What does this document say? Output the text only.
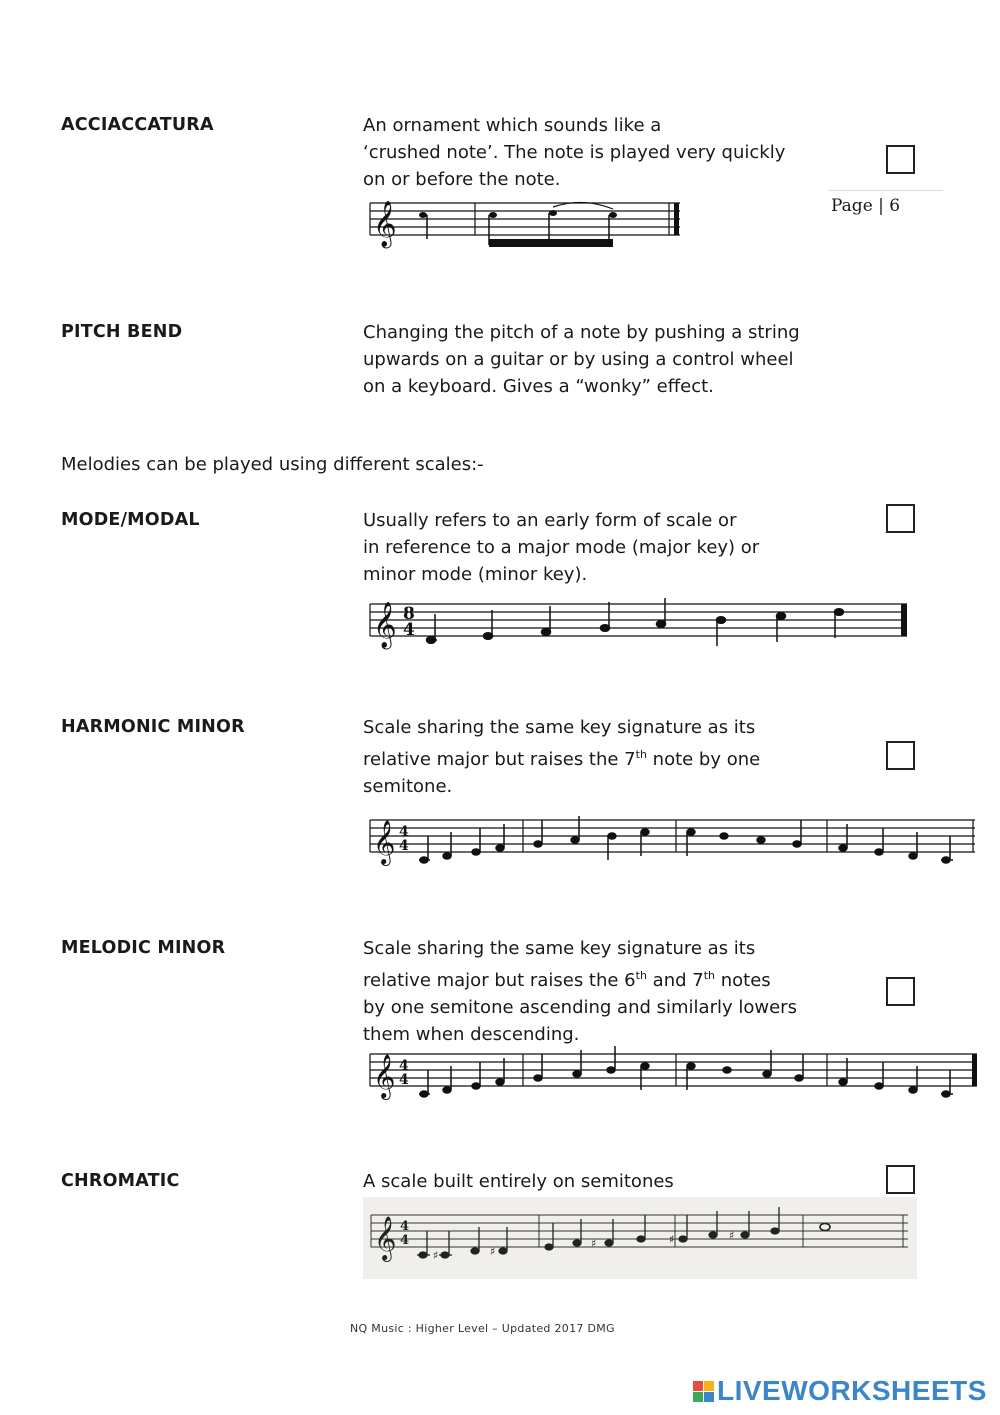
Page | 6
ACCIACCATURA	An ornament which sounds like a
‘crushed note’. The note is played very quickly
on or before the note.
𝄞
PITCH BEND	Changing the pitch of a note by pushing a string
upwards on a guitar or by using a control wheel
on a keyboard. Gives a “wonky” effect.
Melodies can be played using different scales:-
MODE/MODAL	Usually refers to an early form of scale or
in reference to a major mode (major key) or
minor mode (minor key).
𝄞 8
4
HARMONIC MINOR	Scale sharing the same key signature as its
relative major but raises the 7th note by one
semitone.
𝄞 4
4
MELODIC MINOR	Scale sharing the same key signature as its
relative major but raises the 6th and 7th notes
by one semitone ascending and similarly lowers
them when descending.
𝄞 4
4
CHROMATIC	A scale built entirely on semitones
𝄞 4
4
♯	♯
♯	♯	♯
NQ Music : Higher Level – Updated 2017 DMG
LIVEWORKSHEETS
